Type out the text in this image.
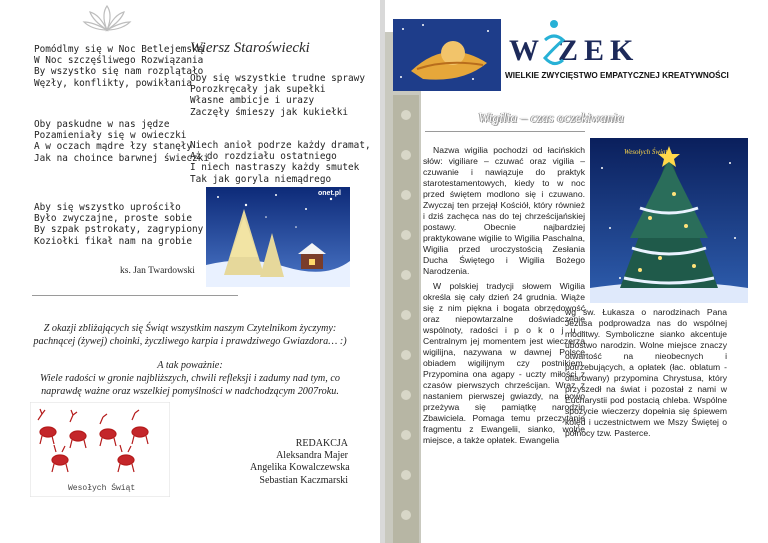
Pomódlmy się w Noc Betlejemską
W Noc szczęśliwego Rozwiązania
By wszystko się nam rozplątało
Węzły, konflikty, powikłania
Wiersz Staroświecki
Oby się wszystkie trudne sprawy
Porozkręcały jak supełki
Własne ambicje i urazy
Zaczęły śmieszy jak kukiełki
Oby paskudne w nas jędze
Pozamieniały się w owieczki
A w oczach mądre łzy stanęły
Jak na choince barwnej świeczki
Niech anioł podrze każdy dramat,
Aż do rozdziału ostatniego
I niech nastraszy każdy smutek
Tak jak goryla niemądrego
Aby się wszystko uprościło
Było zwyczajne, proste sobie
By szpak pstrokaty, zagrypiony
Koziołki fikał nam na grobie
onet.pl
ks. Jan Twardowski
Z okazji zbliżających się Świąt wszystkim naszym Czytelnikom życzymy: pachnącej (żywej) choinki, życzliwego karpia i prawdziwego Gwiazdora… :)
A tak poważnie:
Wiele radości w gronie najbliższych, chwili refleksji i zadumy nad tym, co naprawdę ważne oraz wszelkiej pomyślności w nadchodzącym 2007roku.
Wesołych Świąt
REDAKCJA
Aleksandra Majer
Angelika Kowalczewska
Sebastian Kaczmarski
W ZEK
WIELKIE ZWYCIĘSTWO EMPATYCZNEJ KREATYWNOŚCI
Wigilia – czas oczekiwania

Nazwa wigilia pochodzi od łacińskich słów: vigiliare – czuwać oraz vigilia – czuwanie i nawiązuje do praktyk starotestamentowych, kiedy to w noc przed świętem modlono się i czuwano. Zwyczaj ten przejął Kościół, który również i dziś zachęca nas do tej chrześcijańskiej postawy. Obecnie najbardziej praktykowane wigilie to Wigilia Paschalna, Wigilia przed uroczystością Zesłania Ducha Świętego i Wigilia Bożego Narodzenia.

W polskiej tradycji słowem Wigilia określa się cały dzień 24 grudnia. Wiąże się z nim piękna i bogata obrzędowość oraz niepowtarzalne doświadczenie wspólnoty, radości i p o k o j u . Centralnym jej momentem jest wieczerza wigilijna, nazywana w dawnej Polsce obiadem wigilijnym czy postnikiem. Przypomina ona agapy - uczty miłości z czasów pierwszych chrześcijan. Wraz z nastaniem pierwszej gwiazdy, na nowo przeżywa się pamiątkę narodzin Zbawiciela. Pomaga temu przeczytanie fragmentu z Ewangelii, sianko, wolne miejsce, a także opłatek. Ewangelia

Wesołych Świąt
wg św. Łukasza o narodzinach Pana Jezusa podprowadza nas do wspólnej modlitwy. Symboliczne sianko akcentuje ubóstwo narodzin. Wolne miejsce znaczy otwartość na nieobecnych i potrzebujących, a opłatek (łac. oblatum - ofiarowany) przypomina Chrystusa, który przyszedł na świat i pozostał z nami w Eucharystii pod postacią chleba. Wspólne spożycie wieczerzy dopełnia się śpiewem kolęd i uczestnictwem we Mszy Świętej o północy tzw. Pasterce.
